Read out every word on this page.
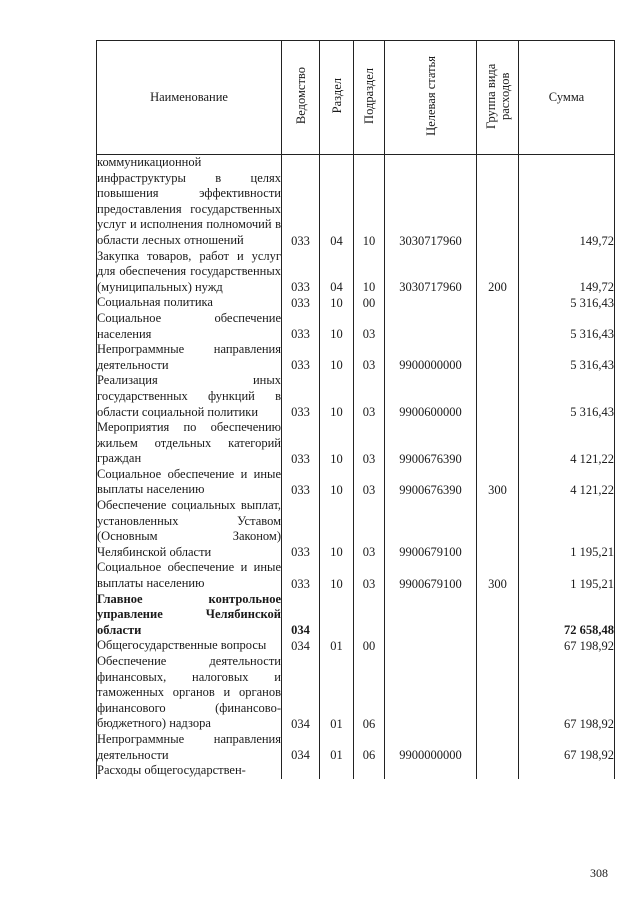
Наименование	Ведомство	Раздел	Подраздел	Целевая статья	Группа вида расходов	Сумма
коммуникационной инфраструктуры в целях повышения эффективности предоставления государственных услуг и исполнения полномочий в области лесных отношений	033	04	10	3030717960		149,72
Закупка товаров, работ и услуг для обеспечения государственных (муниципальных) нужд	033	04	10	3030717960	200	149,72
Социальная политика	033	10	00			5 316,43
Социальное обеспечение населения	033	10	03			5 316,43
Непрограммные направления деятельности	033	10	03	9900000000		5 316,43
Реализация иных государственных функций в области социальной политики	033	10	03	9900600000		5 316,43
Мероприятия по обеспечению жильем отдельных категорий граждан	033	10	03	9900676390		4 121,22
Социальное обеспечение и иные выплаты населению	033	10	03	9900676390	300	4 121,22
Обеспечение социальных выплат, установленных Уставом (Основным Законом) Челябинской области	033	10	03	9900679100		1 195,21
Социальное обеспечение и иные выплаты населению	033	10	03	9900679100	300	1 195,21
Главное контрольное управление Челябинской области	034					72 658,48
Общегосударственные вопросы	034	01	00			67 198,92
Обеспечение деятельности финансовых, налоговых и таможенных органов и органов финансового (финансово-бюджетного) надзора	034	01	06			67 198,92
Непрограммные направления деятельности	034	01	06	9900000000		67 198,92
Расходы общегосударствен-						
308
